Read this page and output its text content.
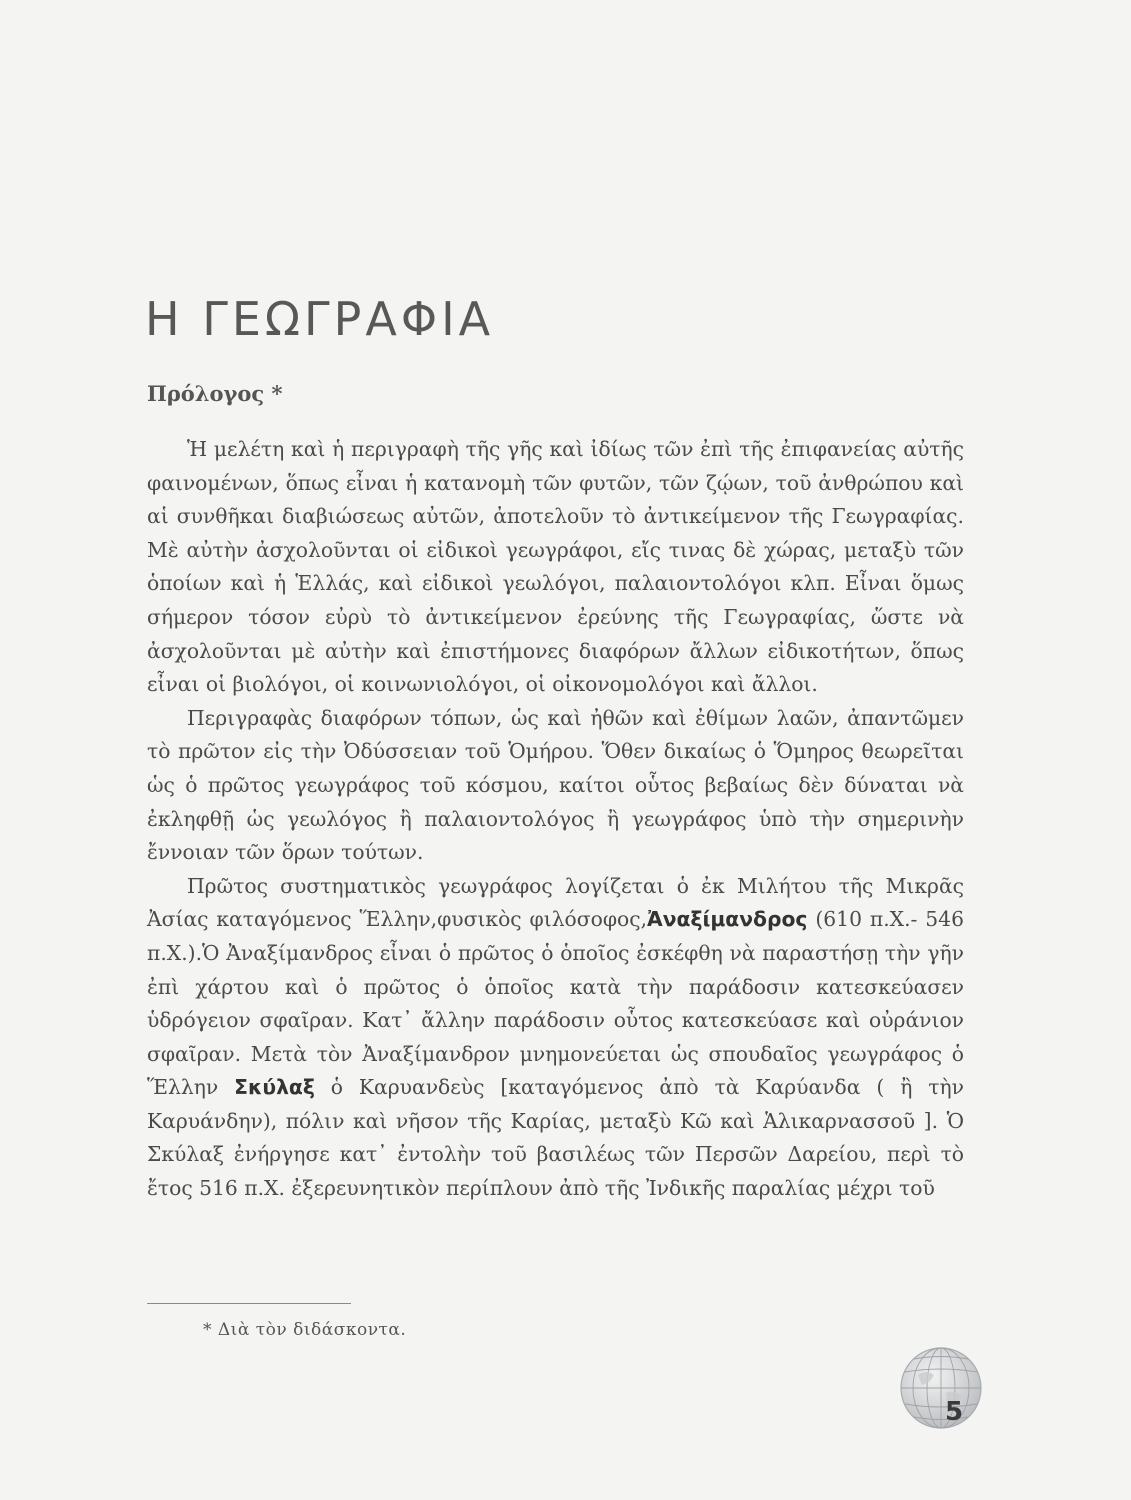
Η ΓΕΩΓΡΑΦΙΑ
Πρόλογος *

Ἡ μελέτη καὶ ἡ περιγραφὴ τῆς γῆς καὶ ἰδίως τῶν ἐπὶ τῆς ἐπιφανείας αὐτῆς φαινομένων, ὅπως εἶναι ἡ κατανομὴ τῶν φυτῶν, τῶν ζῴων, τοῦ ἀνθρώπου καὶ αἱ συνθῆκαι διαβιώσεως αὐτῶν, ἀποτελοῦν τὸ ἀντικείμενον τῆς Γεωγραφίας. Μὲ αὐτὴν ἀσχολοῦνται οἱ εἰδικοὶ γεωγράφοι, εἴς τινας δὲ χώρας, μεταξὺ τῶν ὁποίων καὶ ἡ Ἑλλάς, καὶ εἰδικοὶ γεωλόγοι, παλαιοντολόγοι κλπ. Εἶναι ὅμως σήμερον τόσον εὐρὺ τὸ ἀντικείμενον ἐρεύνης τῆς Γεωγραφίας, ὥστε νὰ ἀσχολοῦνται μὲ αὐτὴν καὶ ἐπιστήμονες διαφόρων ἄλλων εἰδικοτήτων, ὅπως εἶναι οἱ βιολόγοι, οἱ κοινωνιολόγοι, οἱ οἰκονομολόγοι καὶ ἄλλοι.

Περιγραφὰς διαφόρων τόπων, ὡς καὶ ἠθῶν καὶ ἐθίμων λαῶν, ἀπαντῶμεν τὸ πρῶτον εἰς τὴν Ὀδύσσειαν τοῦ Ὁμήρου. Ὅθεν δικαίως ὁ Ὅμηρος θεωρεῖται ὡς ὁ πρῶτος γεωγράφος τοῦ κόσμου, καίτοι οὗτος βεβαίως δὲν δύναται νὰ ἐκληφθῇ ὡς γεωλόγος ἢ παλαιοντολόγος ἢ γεωγράφος ὑπὸ τὴν σημερινὴν ἔννοιαν τῶν ὅρων τούτων.

Πρῶτος συστηματικὸς γεωγράφος λογίζεται ὁ ἐκ Μιλήτου τῆς Μικρᾶς Ἀσίας καταγόμενος Ἕλλην,φυσικὸς φιλόσοφος,Ἀναξίμανδρος (610 π.Χ.- 546 π.Χ.).Ὁ Ἀναξίμανδρος εἶναι ὁ πρῶτος ὁ ὁποῖος ἐσκέφθη νὰ παραστήσῃ τὴν γῆν ἐπὶ χάρτου καὶ ὁ πρῶτος ὁ ὁποῖος κατὰ τὴν παράδοσιν κατεσκεύασεν ὑδρόγειον σφαῖραν. Κατ᾽ ἄλλην παράδοσιν οὗτος κατεσκεύασε καὶ οὐράνιον σφαῖραν. Μετὰ τὸν Ἀναξίμανδρον μνημονεύεται ὡς σπουδαῖος γεωγράφος ὁ Ἕλλην Σκύλαξ ὁ Καρυανδεὺς [καταγόμενος ἀπὸ τὰ Καρύανδα ( ἢ τὴν Καρυάνδην), πόλιν καὶ νῆσον τῆς Καρίας, μεταξὺ Κῶ καὶ Ἁλικαρνασσοῦ ]. Ὁ Σκύλαξ ἐνήργησε κατ᾽ ἐντολὴν τοῦ βασιλέως τῶν Περσῶν Δαρείου, περὶ τὸ ἔτος 516 π.Χ. ἐξερευνητικὸν περίπλουν ἀπὸ τῆς Ἰνδικῆς παραλίας μέχρι τοῦ

* Διὰ τὸν διδάσκοντα.

5
